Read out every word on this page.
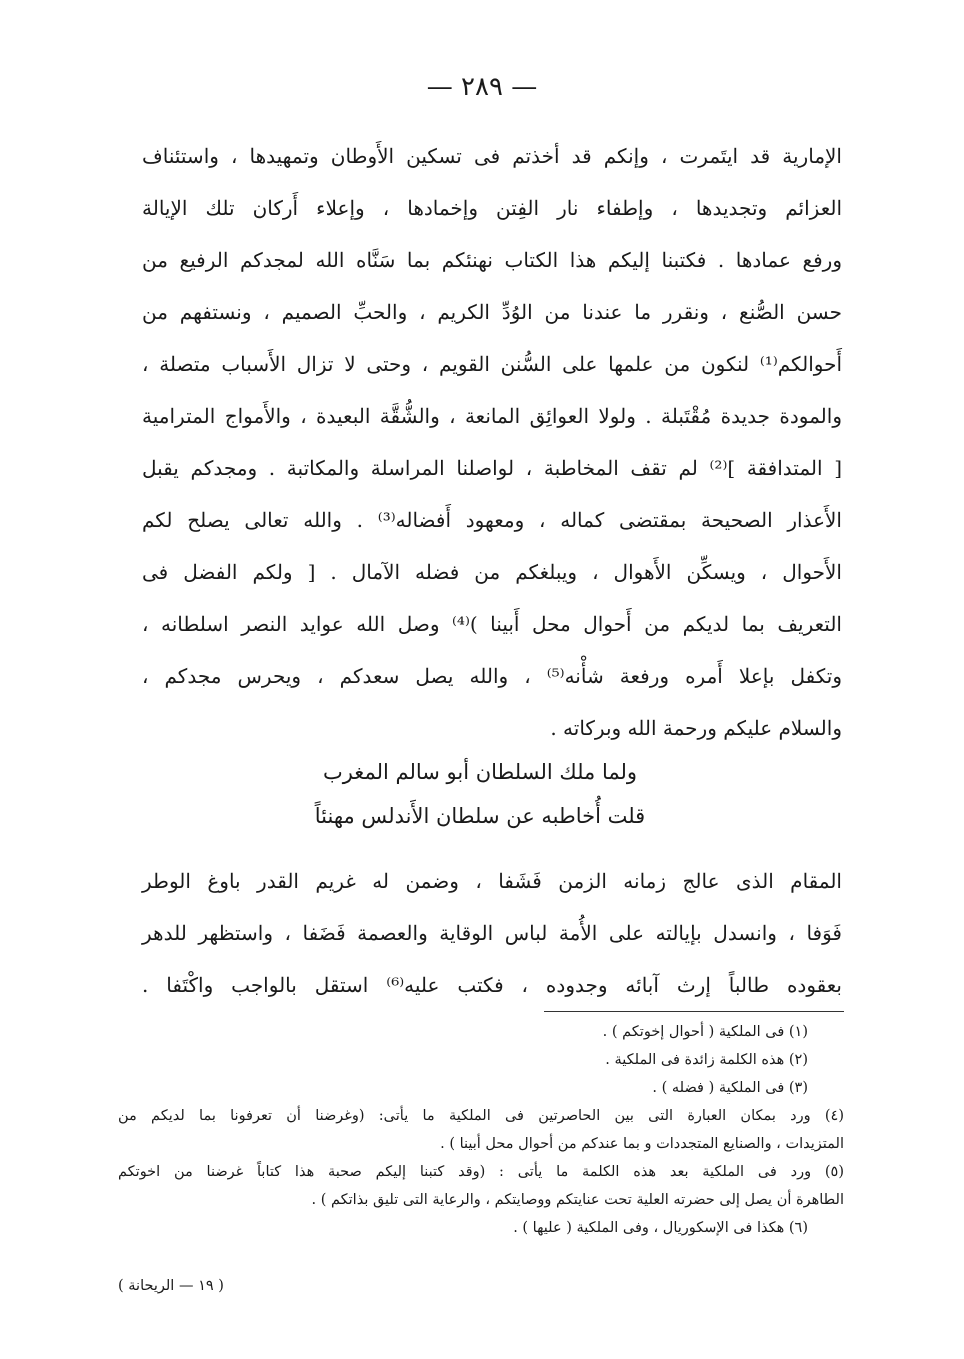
— ٢٨٩ —
الإمارية قد ايتَمرت ، وإنكم قد أخذتم فى تسكين الأَوطان وتمهيدها ، واستئناف
العزائم وتجديدها ، وإطفاء نار الفِتن وإخمادها ، وإعلاء أَركان تلك الإيالة
ورفع عمادها . فكتبنا إليكم هذا الكتاب نهنئكم بما سَنَّاه الله لمجدكم الرفيع من
حسن الصُّنع ، ونقرر ما عندنا من الوُدِّ الكريم ، والحبِّ الصميم ، ونستفهم من
أَحوالكم⁽¹⁾ لنكون من علمها على السُّنن القويم ، وحتى لا تزال الأَسباب متصلة ،
والمودة جديدة مُقْتَبلة . ولولا العوائِق المانعة ، والشُّقَّة البعيدة ، والأَمواج المترامية
[ المتدافقة ]⁽²⁾ لم تقف المخاطبة ، لواصلنا المراسلة والمكاتبة . ومجدكم يقبل
الأَعذار الصحيحة بمقتضى كماله ، ومعهود أَفضاله⁽³⁾ . والله تعالى يصلح لكم
الأَحوال ، ويسكِّن الأَهوال ، ويبلغكم من فضله الآمال . [ ولكم الفضل فى
التعريف بما لديكم من أَحوال محل أَبينا )⁽⁴⁾ وصل الله عوايد النصر اسلطانه ،
وتكفل بإعلا أَمره ورفعة شأْنه⁽⁵⁾ ، والله يصل سعدكم ، ويحرس مجدكم ،
والسلام عليكم ورحمة الله وبركاته .
ولما ملك السلطان أبو سالم المغرب
قلت أُخاطبه عن سلطان الأَندلس مهنئاً
المقام الذى عالج زمانه الزمن فَشَفا ، وضمن له غريم القدر باوغ الوطر
فَوَفا ، وانسدل بإيالته على الأُمة لباس الوقاية والعصمة فَضَفا ، واستظهر للدهر
بعقوده طالباً إرث آبائه وجدوده ، فكتب عليه⁽⁶⁾ استقل بالواجب واكْتَفا .
(١) فى الملكية ( أحوال إخوتكم ) .
(٢) هذه الكلمة زائدة فى الملكية .
(٣) فى الملكية ( فضله ) .
(٤) ورد بمكان العبارة التى بين الحاصرتين فى الملكية ما يأتى: (وغرضنا أن تعرفونا بما لديكم من
المتزيدات ، والصنايع المتجددات و بما عندكم من أحوال محل أبينا ) .
(٥) ورد فى الملكية بعد هذه الكلمة ما يأتى : (وقد كتبنا إليكم صحبة هذا كتاباً غرضنا من اخوتكم
الطاهرة أن يصل إلى حضرته العلية تحت عنايتكم ووصايتكم ، والرعاية التى تليق بذاتكم ) .
(٦) هكذا فى الإسكوريال ، وفى الملكية ( عليها ) .
( ١٩ — الريحانة )
